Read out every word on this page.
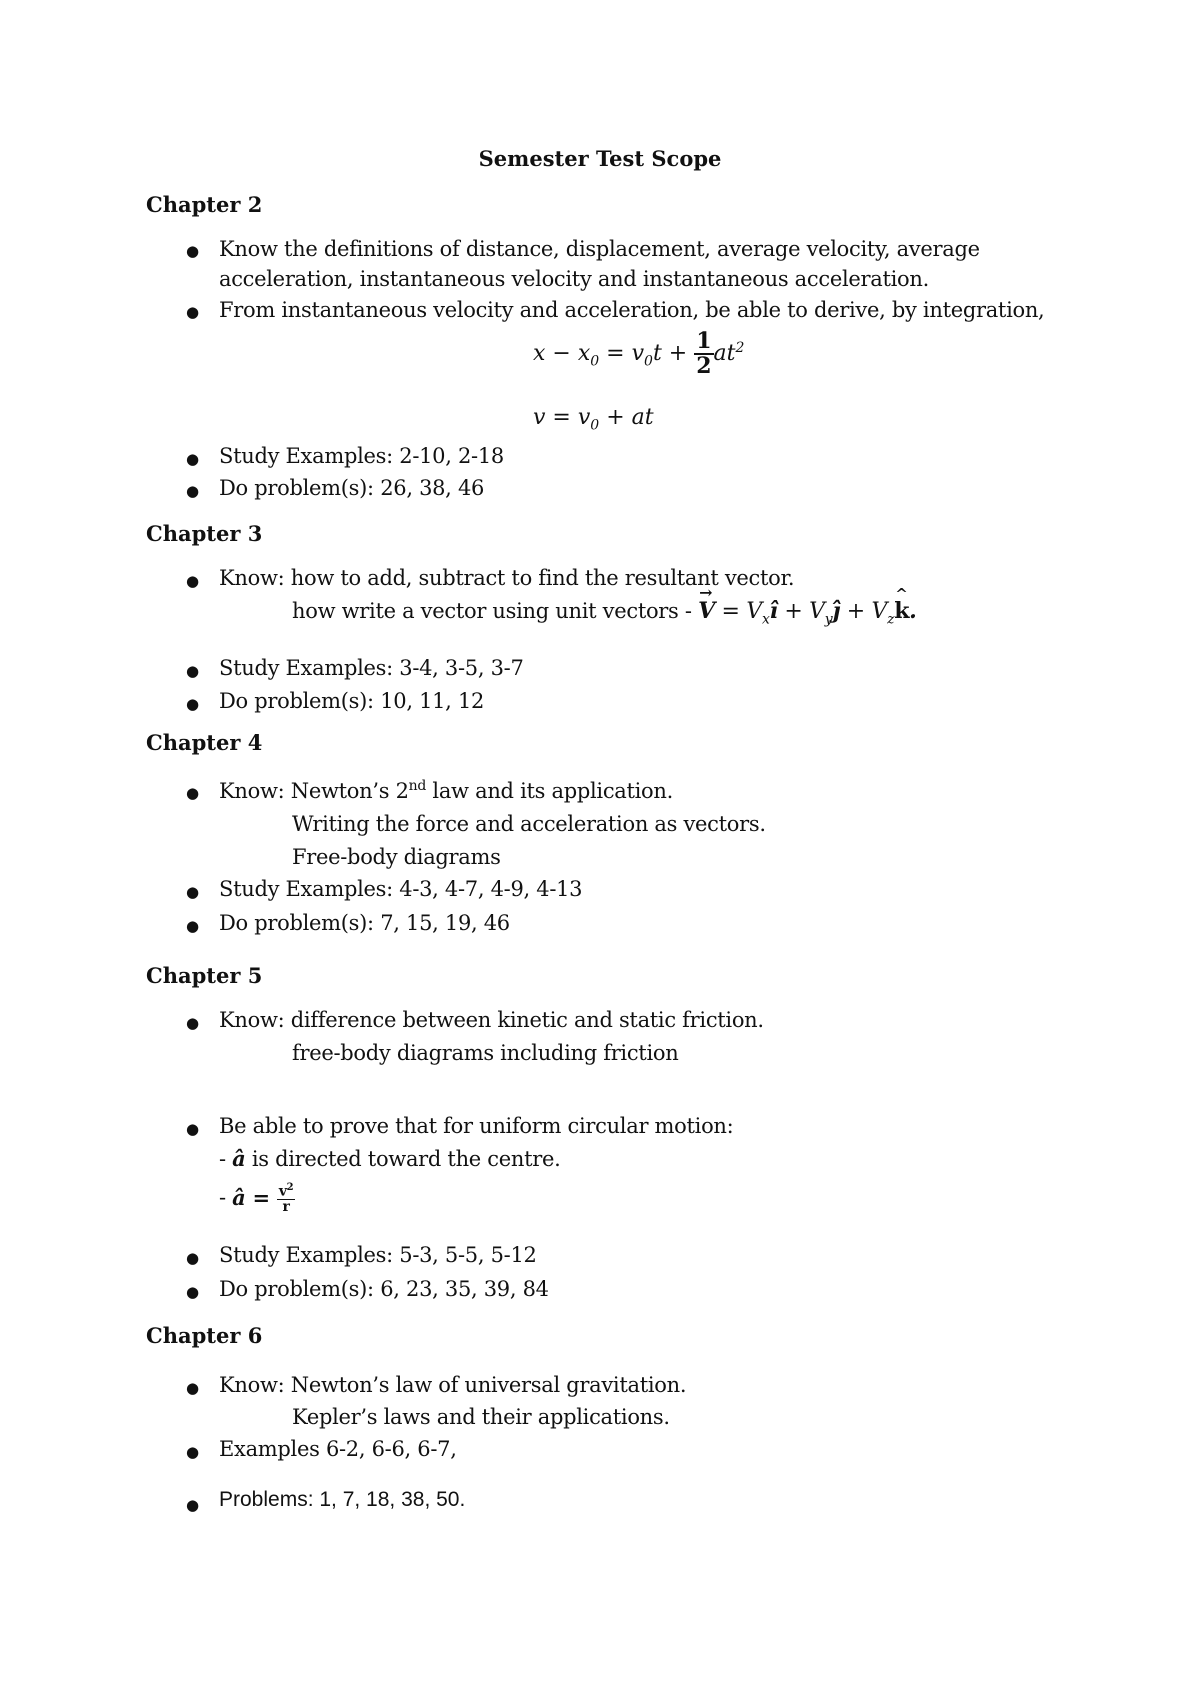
Semester Test Scope
Chapter 2
● Know the definitions of distance, displacement, average velocity, average
acceleration, instantaneous velocity and instantaneous acceleration.
● From instantaneous velocity and acceleration, be able to derive, by integration,
$x - x_0 = v_0t + \frac{1}{2} at^2$
$v = v_0$ + at
● Study Examples: 2-10, 2-18
● Do problem(s): 26, 38, 46
Chapter 3
● Know: how to add, subtract to find the resultant vector.
how write a vector using unit vectors - → $V = V_xî$ + $V_yĵ$ + $V_z\^{}$ k.
● Study Examples: 3-4, 3-5, 3-7
● Do problem(s): 10, 11, 12
Chapter 4
● Know: Newton’s 2nd law and its application.
Writing the force and acceleration as vectors.
Free-body diagrams
● Study Examples: 4-3, 4-7, 4-9, 4-13
● Do problem(s): 7, 15, 19, 46
Chapter 5
● Know: difference between kinetic and static friction.
free-body diagrams including friction
● Be able to prove that for uniform circular motion:
- â is directed toward the centre.
- â = $\frac{v^2}{r}$
● Study Examples: 5-3, 5-5, 5-12
● Do problem(s): 6, 23, 35, 39, 84
Chapter 6
● Know: Newton’s law of universal gravitation.
Kepler’s laws and their applications.
● Examples 6-2, 6-6, 6-7,
● Problems: 1, 7, 18, 38, 50.
